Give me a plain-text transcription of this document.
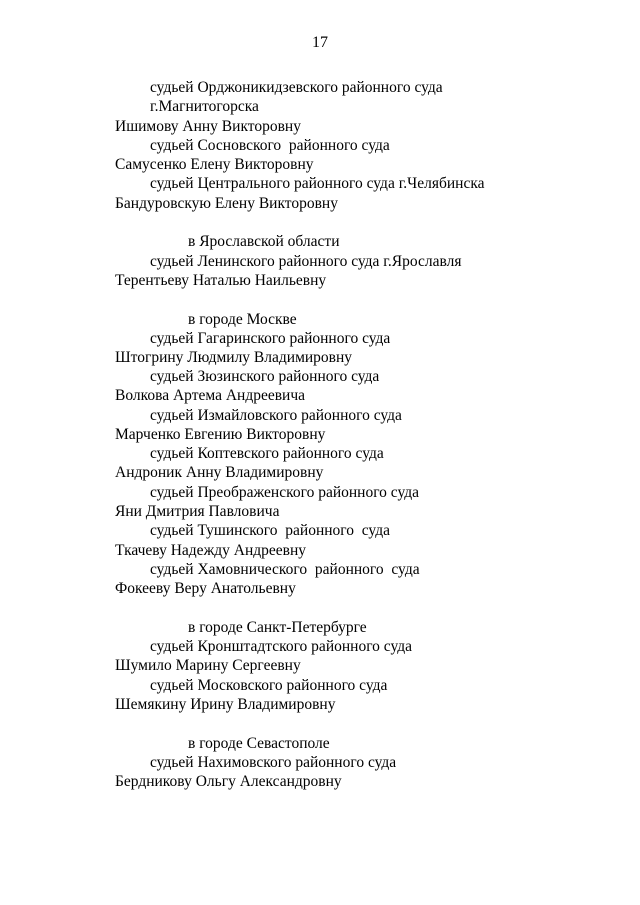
17
судьей Орджоникидзевского районного суда
г.Магнитогорска
Ишимову Анну Викторовну
судьей Сосновского  районного суда
Самусенко Елену Викторовну
судьей Центрального районного суда г.Челябинска
Бандуровскую Елену Викторовну
в Ярославской области
судьей Ленинского районного суда г.Ярославля
Терентьеву Наталью Наильевну
в городе Москве
судьей Гагаринского районного суда
Штогрину Людмилу Владимировну
судьей Зюзинского районного суда
Волкова Артема Андреевича
судьей Измайловского районного суда
Марченко Евгению Викторовну
судьей Коптевского районного суда
Андроник Анну Владимировну
судьей Преображенского районного суда
Яни Дмитрия Павловича
судьей Тушинского  районного  суда
Ткачеву Надежду Андреевну
судьей Хамовнического  районного  суда
Фокееву Веру Анатольевну
в городе Санкт-Петербурге
судьей Кронштадтского районного суда
Шумило Марину Сергеевну
судьей Московского районного суда
Шемякину Ирину Владимировну
в городе Севастополе
судьей Нахимовского районного суда
Бердникову Ольгу Александровну
